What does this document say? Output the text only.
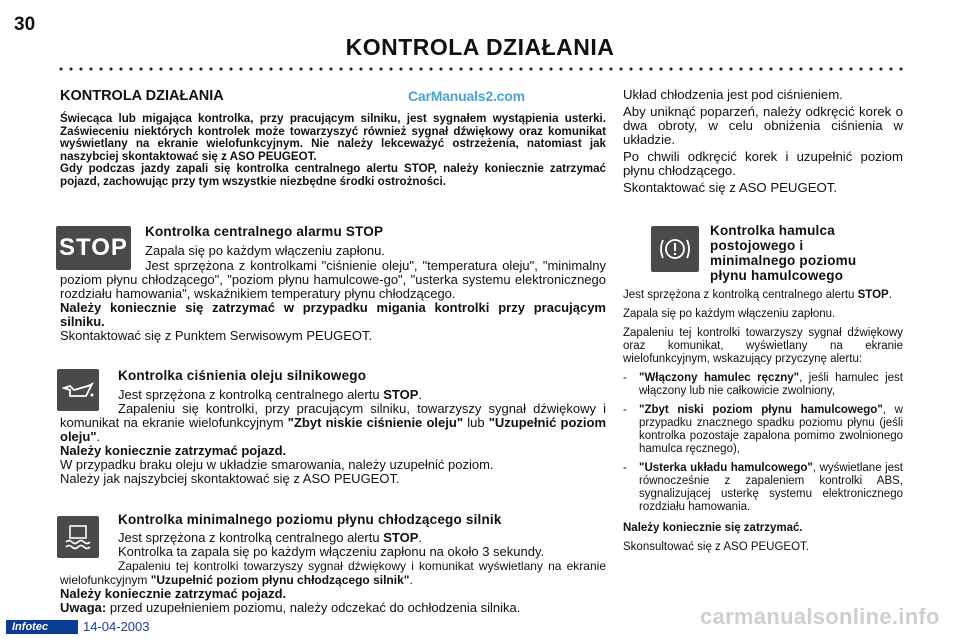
30
KONTROLA DZIAŁANIA
KONTROLA DZIAŁANIA	CarManuals2.com

Świecąca lub migająca kontrolka, przy pracującym silniku, jest sygnałem wystąpienia usterki. Zaświeceniu niektórych kontrolek może towarzyszyć również sygnał dźwiękowy oraz komunikat wyświetlany na ekranie wielofunkcyjnym. Nie należy lekceważyć ostrzeżenia, natomiast jak naszybciej skontaktować się z ASO PEUGEOT.

Gdy podczas jazdy zapali się kontrolka centralnego alertu STOP, należy koniecznie zatrzymać pojazd, zachowując przy tym wszystkie niezbędne środki ostrożności.

STOP
Kontrolka centralnego alarmu STOP
Zapala się po każdym włączeniu zapłonu.

Jest sprzężona z kontrolkami "ciśnienie oleju", "temperatura oleju", "minimalny poziom płynu chłodzącego", "poziom płynu hamulcowe-go", "usterka systemu elektronicznego rozdziału hamowania", wskaźnikiem temperatury płynu chłodzącego.

Należy koniecznie się zatrzymać w przypadku migania kontrolki przy pracującym silniku.

Skontaktować się z Punktem Serwisowym PEUGEOT.

Kontrolka ciśnienia oleju silnikowego

Jest sprzężona z kontrolką centralnego alertu STOP.

Zapaleniu się kontrolki, przy pracującym silniku, towarzyszy sygnał dźwiękowy i komunikat na ekranie wielofunkcyjnym "Zbyt niskie ciśnienie oleju" lub "Uzupełnić poziom oleju".

Należy koniecznie zatrzymać pojazd.

W przypadku braku oleju w układzie smarowania, należy uzupełnić poziom.

Należy jak najszybciej skontaktować się z ASO PEUGEOT.

Kontrolka minimalnego poziomu płynu chłodzącego silnik

Jest sprzężona z kontrolką centralnego alertu STOP.

Kontrolka ta zapala się po każdym włączeniu zapłonu na około 3 sekundy.

Zapaleniu tej kontrolki towarzyszy sygnał dźwiękowy i komunikat wyświetlany na ekranie wielofunkcyjnym "Uzupełnić poziom płynu chłodzącego silnik".

Należy koniecznie zatrzymać pojazd.

Uwaga: przed uzupełnieniem poziomu, należy odczekać do ochłodzenia silnika.

Układ chłodzenia jest pod ciśnieniem.

Aby uniknąć poparzeń, należy odkręcić korek o dwa obroty, w celu obniżenia ciśnienia w układzie.

Po chwili odkręcić korek i uzupełnić poziom płynu chłodzącego.

Skontaktować się z ASO PEUGEOT.

Kontrolka hamulca postojowego i minimalnego poziomu płynu hamulcowego

Jest sprzężona z kontrolką centralnego alertu STOP.

Zapala się po każdym włączeniu zapłonu.

Zapaleniu tej kontrolki towarzyszy sygnał dźwiękowy oraz komunikat, wyświetlany na ekranie wielofunkcyjnym, wskazujący przyczynę alertu:

-	"Włączony hamulec ręczny", jeśli hamulec jest włączony lub nie całkowicie zwolniony,
-	"Zbyt niski poziom płynu hamulcowego", w przypadku znacznego spadku poziomu płynu (jeśli kontrolka pozostaje zapalona pomimo zwolnionego hamulca ręcznego),
-	"Usterka układu hamulcowego", wyświetlane jest równocześnie z zapaleniem kontrolki ABS, sygnalizującej usterkę systemu elektronicznego rozdziału hamowania.

Należy koniecznie się zatrzymać.

Skonsultować się z ASO PEUGEOT.

carmanualsonline.info
Infotec	14-04-2003
